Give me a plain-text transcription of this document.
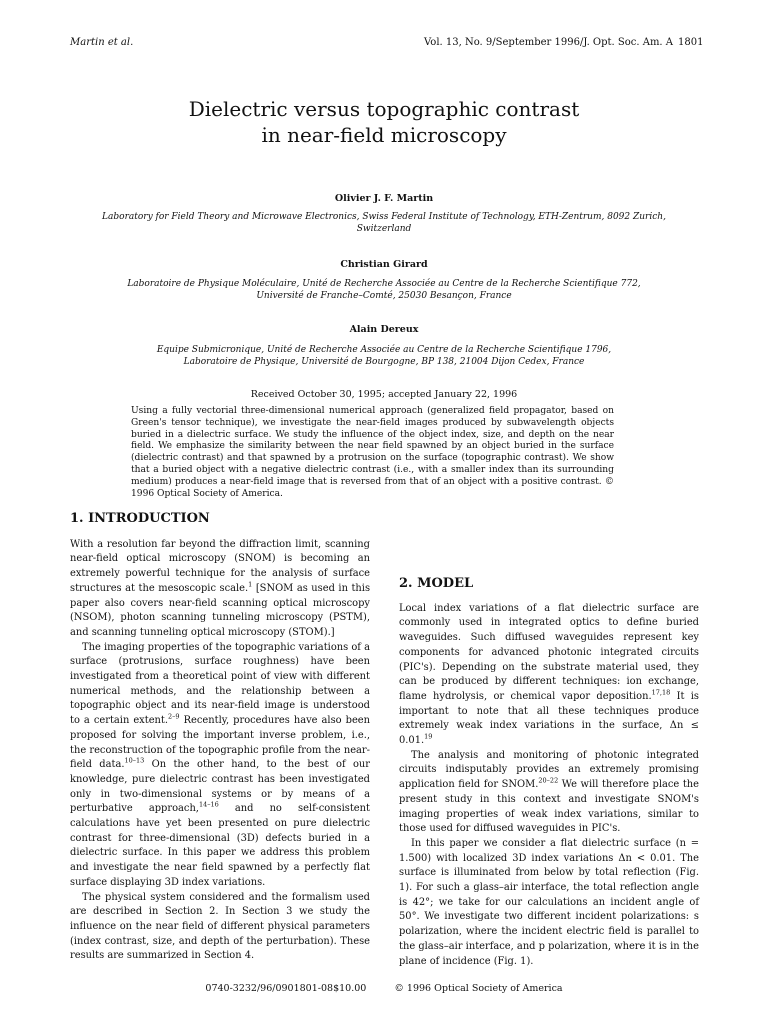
Martin et al.	Vol. 13, No. 9/September 1996/J. Opt. Soc. Am. A 1801
Dielectric versus topographic contrast
in near-field microscopy
Olivier J. F. Martin
Laboratory for Field Theory and Microwave Electronics, Swiss Federal Institute of Technology, ETH-Zentrum, 8092 Zurich, Switzerland
Christian Girard
Laboratoire de Physique Moléculaire, Unité de Recherche Associée au Centre de la Recherche Scientifique 772, Université de Franche–Comté, 25030 Besançon, France
Alain Dereux
Equipe Submicronique, Unité de Recherche Associée au Centre de la Recherche Scientifique 1796, Laboratoire de Physique, Université de Bourgogne, BP 138, 21004 Dijon Cedex, France
Received October 30, 1995; accepted January 22, 1996
Using a fully vectorial three-dimensional numerical approach (generalized field propagator, based on Green's tensor technique), we investigate the near-field images produced by subwavelength objects buried in a dielectric surface. We study the influence of the object index, size, and depth on the near field. We emphasize the similarity between the near field spawned by an object buried in the surface (dielectric contrast) and that spawned by a protrusion on the surface (topographic contrast). We show that a buried object with a negative dielectric contrast (i.e., with a smaller index than its surrounding medium) produces a near-field image that is reversed from that of an object with a positive contrast. © 1996 Optical Society of America.
1. INTRODUCTION

With a resolution far beyond the diffraction limit, scanning near-field optical microscopy (SNOM) is becoming an extremely powerful technique for the analysis of surface structures at the mesoscopic scale.$^1$ [SNOM as used in this paper also covers near-field scanning optical microscopy (NSOM), photon scanning tunneling microscopy (PSTM), and scanning tunneling optical microscopy (STOM).]

The imaging properties of the topographic variations of a surface (protrusions, surface roughness) have been investigated from a theoretical point of view with different numerical methods, and the relationship between a topographic object and its near-field image is understood to a certain extent.$^{2-9}$ Recently, procedures have also been proposed for solving the important inverse problem, i.e., the reconstruction of the topographic profile from the near-field data.$^{10-13}$ On the other hand, to the best of our knowledge, pure dielectric contrast has been investigated only in two-dimensional systems or by means of a perturbative approach,$^{14-16}$ and no self-consistent calculations have yet been presented on pure dielectric contrast for three-dimensional (3D) defects buried in a dielectric surface. In this paper we address this problem and investigate the near field spawned by a perfectly flat surface displaying 3D index variations.

The physical system considered and the formalism used are described in Section 2. In Section 3 we study the influence on the near field of different physical parameters (index contrast, size, and depth of the perturbation). These results are summarized in Section 4.

2. MODEL

Local index variations of a flat dielectric surface are commonly used in integrated optics to define buried waveguides. Such diffused waveguides represent key components for advanced photonic integrated circuits (PIC's). Depending on the substrate material used, they can be produced by different techniques: ion exchange, flame hydrolysis, or chemical vapor deposition.$^{17,18}$ It is important to note that all these techniques produce extremely weak index variations in the surface, Δn ≤ 0.01.19

The analysis and monitoring of photonic integrated circuits indisputably provides an extremely promising application field for SNOM.$^{20-22}$ We will therefore place the present study in this context and investigate SNOM's imaging properties of weak index variations, similar to those used for diffused waveguides in PIC's.

In this paper we consider a flat dielectric surface (n = 1.500) with localized 3D index variations Δn < 0.01. The surface is illuminated from below by total reflection (Fig. 1). For such a glass–air interface, the total reflection angle is 42°; we take for our calculations an incident angle of 50°. We investigate two different incident polarizations: s polarization, where the incident electric field is parallel to the glass–air interface, and p polarization, where it is in the plane of incidence (Fig. 1).

0740-3232/96/0901801-08$10.00	© 1996 Optical Society of America
